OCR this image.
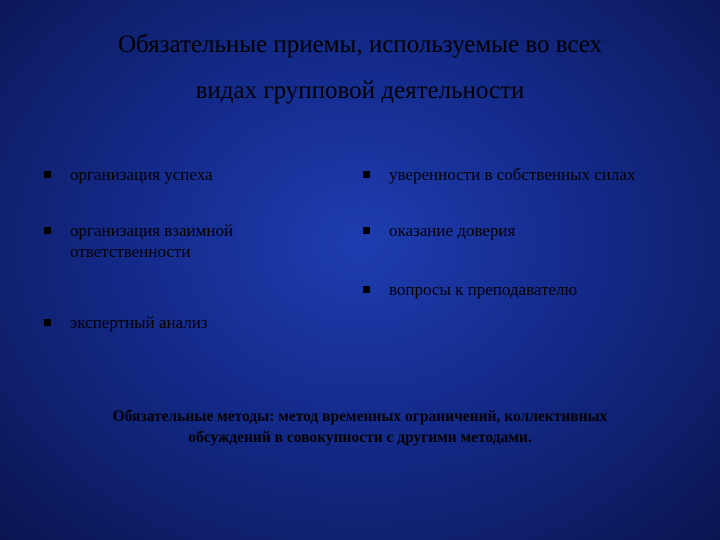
Обязательные приемы, используемые во всех
видах групповой деятельности
организация успеха
организация взаимной
ответственности
экспертный анализ
уверенности в собственных силах
оказание доверия
вопросы к преподавателю
Обязательные методы: метод временных ограничений, коллективных
обсуждений в совокупности с другими методами.
